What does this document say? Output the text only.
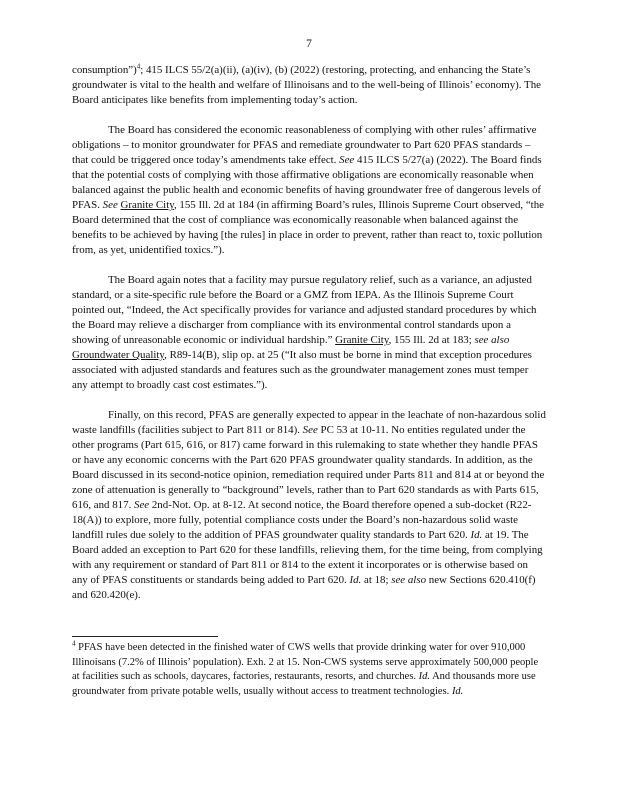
7

consumption”)$^4$; 415 ILCS 55/2(a)(ii), (a)(iv), (b) (2022) (restoring, protecting, and enhancing the State’s groundwater is vital to the health and welfare of Illinoisans and to the well-being of Illinois’ economy). The Board anticipates like benefits from implementing today’s action.

The Board has considered the economic reasonableness of complying with other rules’ affirmative obligations – to monitor groundwater for PFAS and remediate groundwater to Part 620 PFAS standards – that could be triggered once today’s amendments take effect. See 415 ILCS 5/27(a) (2022). The Board finds that the potential costs of complying with those affirmative obligations are economically reasonable when balanced against the public health and economic benefits of having groundwater free of dangerous levels of PFAS. See Granite City, 155 Ill. 2d at 184 (in affirming Board’s rules, Illinois Supreme Court observed, “the Board determined that the cost of compliance was economically reasonable when balanced against the benefits to be achieved by having [the rules] in place in order to prevent, rather than react to, toxic pollution from, as yet, unidentified toxics.”).

The Board again notes that a facility may pursue regulatory relief, such as a variance, an adjusted standard, or a site-specific rule before the Board or a GMZ from IEPA. As the Illinois Supreme Court pointed out, “Indeed, the Act specifically provides for variance and adjusted standard procedures by which the Board may relieve a discharger from compliance with its environmental control standards upon a showing of unreasonable economic or individual hardship.” Granite City, 155 Ill. 2d at 183; see also Groundwater Quality, R89-14(B), slip op. at 25 (“It also must be borne in mind that exception procedures associated with adjusted standards and features such as the groundwater management zones must temper any attempt to broadly cast cost estimates.”).

Finally, on this record, PFAS are generally expected to appear in the leachate of non-hazardous solid waste landfills (facilities subject to Part 811 or 814). See PC 53 at 10-11. No entities regulated under the other programs (Part 615, 616, or 817) came forward in this rulemaking to state whether they handle PFAS or have any economic concerns with the Part 620 PFAS groundwater quality standards. In addition, as the Board discussed in its second-notice opinion, remediation required under Parts 811 and 814 at or beyond the zone of attenuation is generally to “background” levels, rather than to Part 620 standards as with Parts 615, 616, and 817. See 2nd-Not. Op. at 8-12. At second notice, the Board therefore opened a sub-docket (R22-18(A)) to explore, more fully, potential compliance costs under the Board’s non-hazardous solid waste landfill rules due solely to the addition of PFAS groundwater quality standards to Part 620. Id. at 19. The Board added an exception to Part 620 for these landfills, relieving them, for the time being, from complying with any requirement or standard of Part 811 or 814 to the extent it incorporates or is otherwise based on any of PFAS constituents or standards being added to Part 620. Id. at 18; see also new Sections 620.410(f) and 620.420(e).

$^4$ PFAS have been detected in the finished water of CWS wells that provide drinking water for over 910,000 Illinoisans (7.2% of Illinois’ population). Exh. 2 at 15. Non-CWS systems serve approximately 500,000 people at facilities such as schools, daycares, factories, restaurants, resorts, and churches. Id. And thousands more use groundwater from private potable wells, usually without access to treatment technologies. Id.
